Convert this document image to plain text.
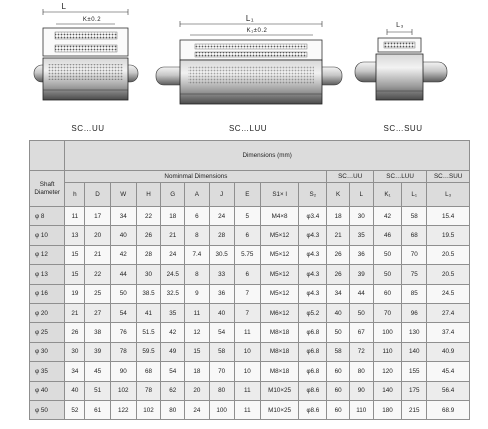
L
K±0.2	L₁
K₁±0.2
L₃
SC…UU	SC…LUU	SC…SUU
	Dimensions (mm)														
Shaft
Diameter	Nominmal Dimensions										SC…UU		SC…LUU		SC…SUU
	h	D	W	H	G	A	J	E	S1× l	S₂	K	L	K₁	L₁	L₃
φ 8	11	17	34	22	18	6	24	5	M4×8	φ3.4	18	30	42	58	15.4
φ 10	13	20	40	26	21	8	28	6	M5×12	φ4.3	21	35	46	68	19.5
φ 12	15	21	42	28	24	7.4	30.5	5.75	M5×12	φ4.3	26	36	50	70	20.5
φ 13	15	22	44	30	24.5	8	33	6	M5×12	φ4.3	26	39	50	75	20.5
φ 16	19	25	50	38.5	32.5	9	36	7	M5×12	φ4.3	34	44	60	85	24.5
φ 20	21	27	54	41	35	11	40	7	M6×12	φ5.2	40	50	70	96	27.4
φ 25	26	38	76	51.5	42	12	54	11	M8×18	φ6.8	50	67	100	130	37.4
φ 30	30	39	78	59.5	49	15	58	10	M8×18	φ6.8	58	72	110	140	40.9
φ 35	34	45	90	68	54	18	70	10	M8×18	φ6.8	60	80	120	155	45.4
φ 40	40	51	102	78	62	20	80	11	M10×25	φ8.6	60	90	140	175	56.4
φ 50	52	61	122	102	80	24	100	11	M10×25	φ8.6	60	110	180	215	68.9
